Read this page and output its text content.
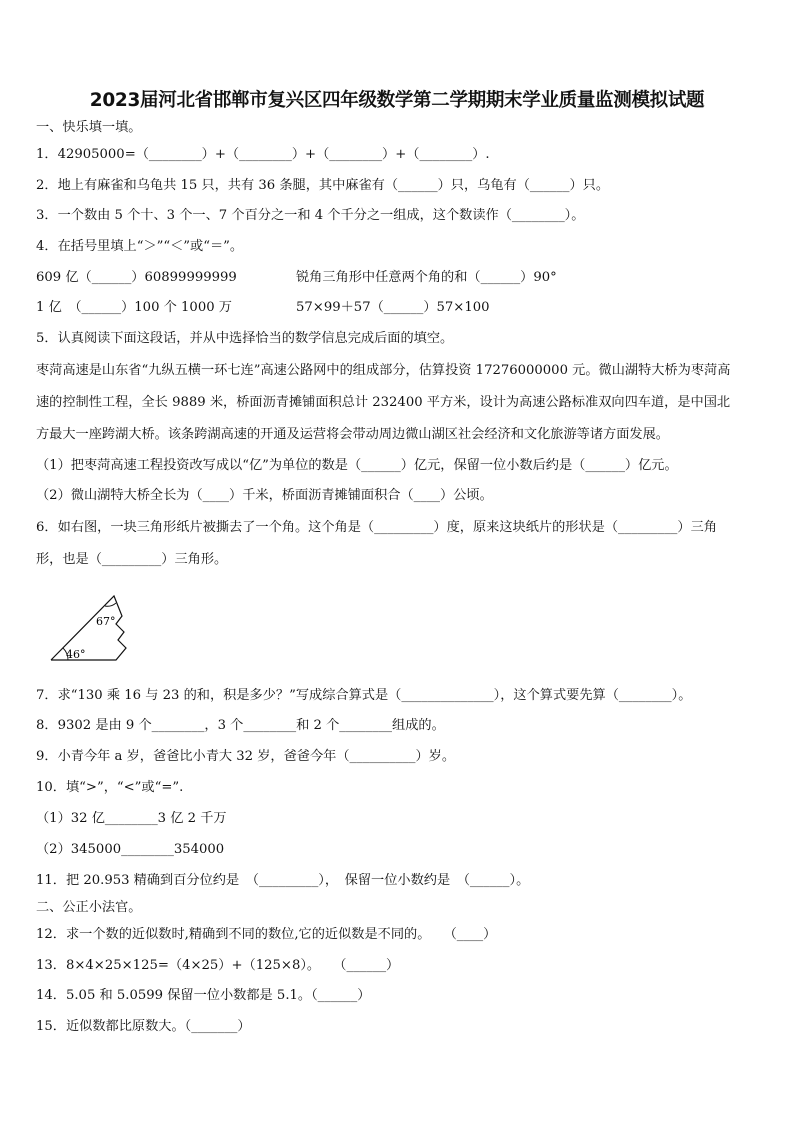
2023届河北省邯郸市复兴区四年级数学第二学期期末学业质量监测模拟试题
一、快乐填一填。
1．42905000=（________）+（________）+（________）+（________）.
2．地上有麻雀和乌龟共 15 只，共有 36 条腿，其中麻雀有（______）只，乌龟有（______）只。
3．一个数由 5 个十、3 个一、7 个百分之一和 4 个千分之一组成，这个数读作（________）。
4．在括号里填上“＞”“＜”或“＝”。
609 亿（______）60899999999	锐角三角形中任意两个角的和（______）90°
1 亿　（______）100 个 1000 万	57×99＋57（______）57×100
5．认真阅读下面这段话，并从中选择恰当的数学信息完成后面的填空。
枣菏高速是山东省“九纵五横一环七连”高速公路网中的组成部分，估算投资 17276000000 元。微山湖特大桥为枣菏高
速的控制性工程，全长 9889 米，桥面沥青摊铺面积总计 232400 平方米，设计为高速公路标准双向四车道，是中国北
方最大一座跨湖大桥。该条跨湖高速的开通及运营将会带动周边微山湖区社会经济和文化旅游等诸方面发展。
（1）把枣菏高速工程投资改写成以“亿”为单位的数是（______）亿元，保留一位小数后约是（______）亿元。
（2）微山湖特大桥全长为（____）千米，桥面沥青摊铺面积合（____）公顷。
6．如右图，一块三角形纸片被撕去了一个角。这个角是（_________）度，原来这块纸片的形状是（_________）三角
形，也是（_________）三角形。
67°
46°
7．求“130 乘 16 与 23 的和，积是多少？”写成综合算式是（______________），这个算式要先算（________）。
8．9302 是由 9 个________，3 个________和 2 个________组成的。
9．小青今年 a 岁，爸爸比小青大 32 岁，爸爸今年（__________）岁。
10．填“>”，“<”或“=”.
（1）32 亿________3 亿 2 千万
（2）345000________354000
11．把 20.953 精确到百分位约是　（_________），　保留一位小数约是　（______）。
二、公正小法官。
12．求一个数的近似数时,精确到不同的数位,它的近似数是不同的。　　（____）
13．8×4×25×125=（4×25）+（125×8）。　　（______）
14．5.05 和 5.0599 保留一位小数都是 5.1。（______）
15．近似数都比原数大。（_______）
